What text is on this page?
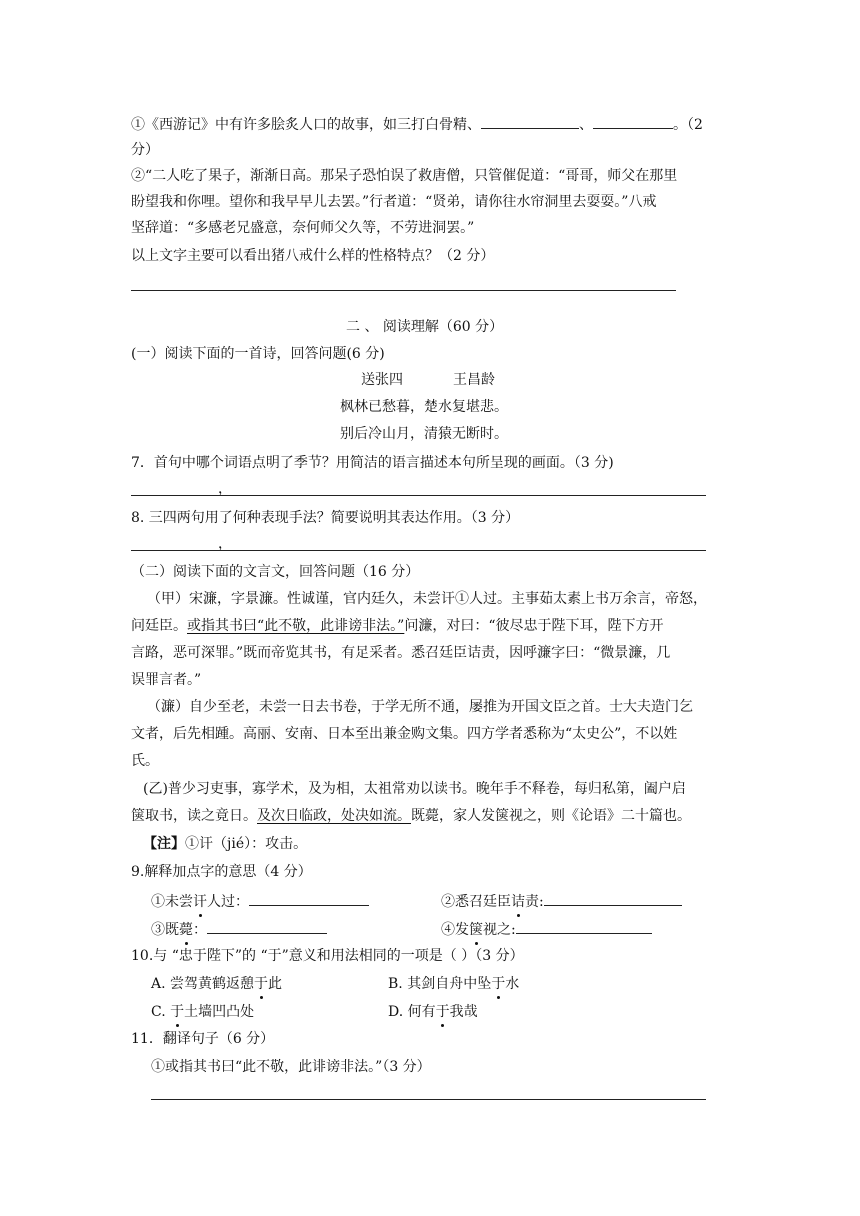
①《西游记》中有许多脍炙人口的故事，如三打白骨精、	、	。（2
分）
②“二人吃了果子，渐渐日高。那呆子恐怕误了救唐僧，只管催促道：“哥哥，师父在那里
盼望我和你哩。望你和我早早儿去罢。”行者道：“贤弟，请你往水帘洞里去耍耍。”八戒
坚辞道：“多感老兄盛意，奈何师父久等，不劳进洞罢。”
以上文字主要可以看出猪八戒什么样的性格特点？（2 分）
二 、 阅读理解（60 分）
(一）阅读下面的一首诗，回答问题(6 分)
送张四	王昌龄
枫林已愁暮，楚水复堪悲。
别后冷山月，清猿无断时。
7．首句中哪个词语点明了季节？用简洁的语言描述本句所呈现的画面。（3 分)
，
8. 三四两句用了何种表现手法？简要说明其表达作用。（3 分）
，
（二）阅读下面的文言文，回答问题（16 分）
（甲）宋濂，字景濂。性诚谨，官内廷久，未尝讦①人过。主事茹太素上书万余言，帝怒，
问廷臣。或指其书曰“此不敬，此诽谤非法。”问濂，对曰：“彼尽忠于陛下耳，陛下方开
言路，恶可深罪。”既而帝览其书，有足采者。悉召廷臣诘责，因呼濂字曰：“微景濂，几
误罪言者。”
（濂）自少至老，未尝一日去书卷，于学无所不通，屡推为开国文臣之首。士大夫造门乞
文者，后先相踵。高丽、安南、日本至出兼金购文集。四方学者悉称为“太史公”，不以姓
氏。
(乙)普少习吏事，寡学术，及为相，太祖常劝以读书。晚年手不释卷，每归私第，阖户启
箧取书，读之竟日。及次日临政，处决如流。既薨，家人发箧视之，则《论语》二十篇也。
【注】①讦（jié）：攻击。
9.解释加点字的意思（4 分）
①未尝讦人过：	②悉召廷臣诘责:
③既薨：	④发箧视之:
10.与 “忠于陛下”的 “于”意义和用法相同的一项是（ ）（3 分）
A. 尝驾黄鹤返憩于此	B. 其剑自舟中坠于水
C. 于土墙凹凸处	D. 何有于我哉
11．翻译句子（6 分）
①或指其书曰“此不敬，此诽谤非法。”（3 分）
